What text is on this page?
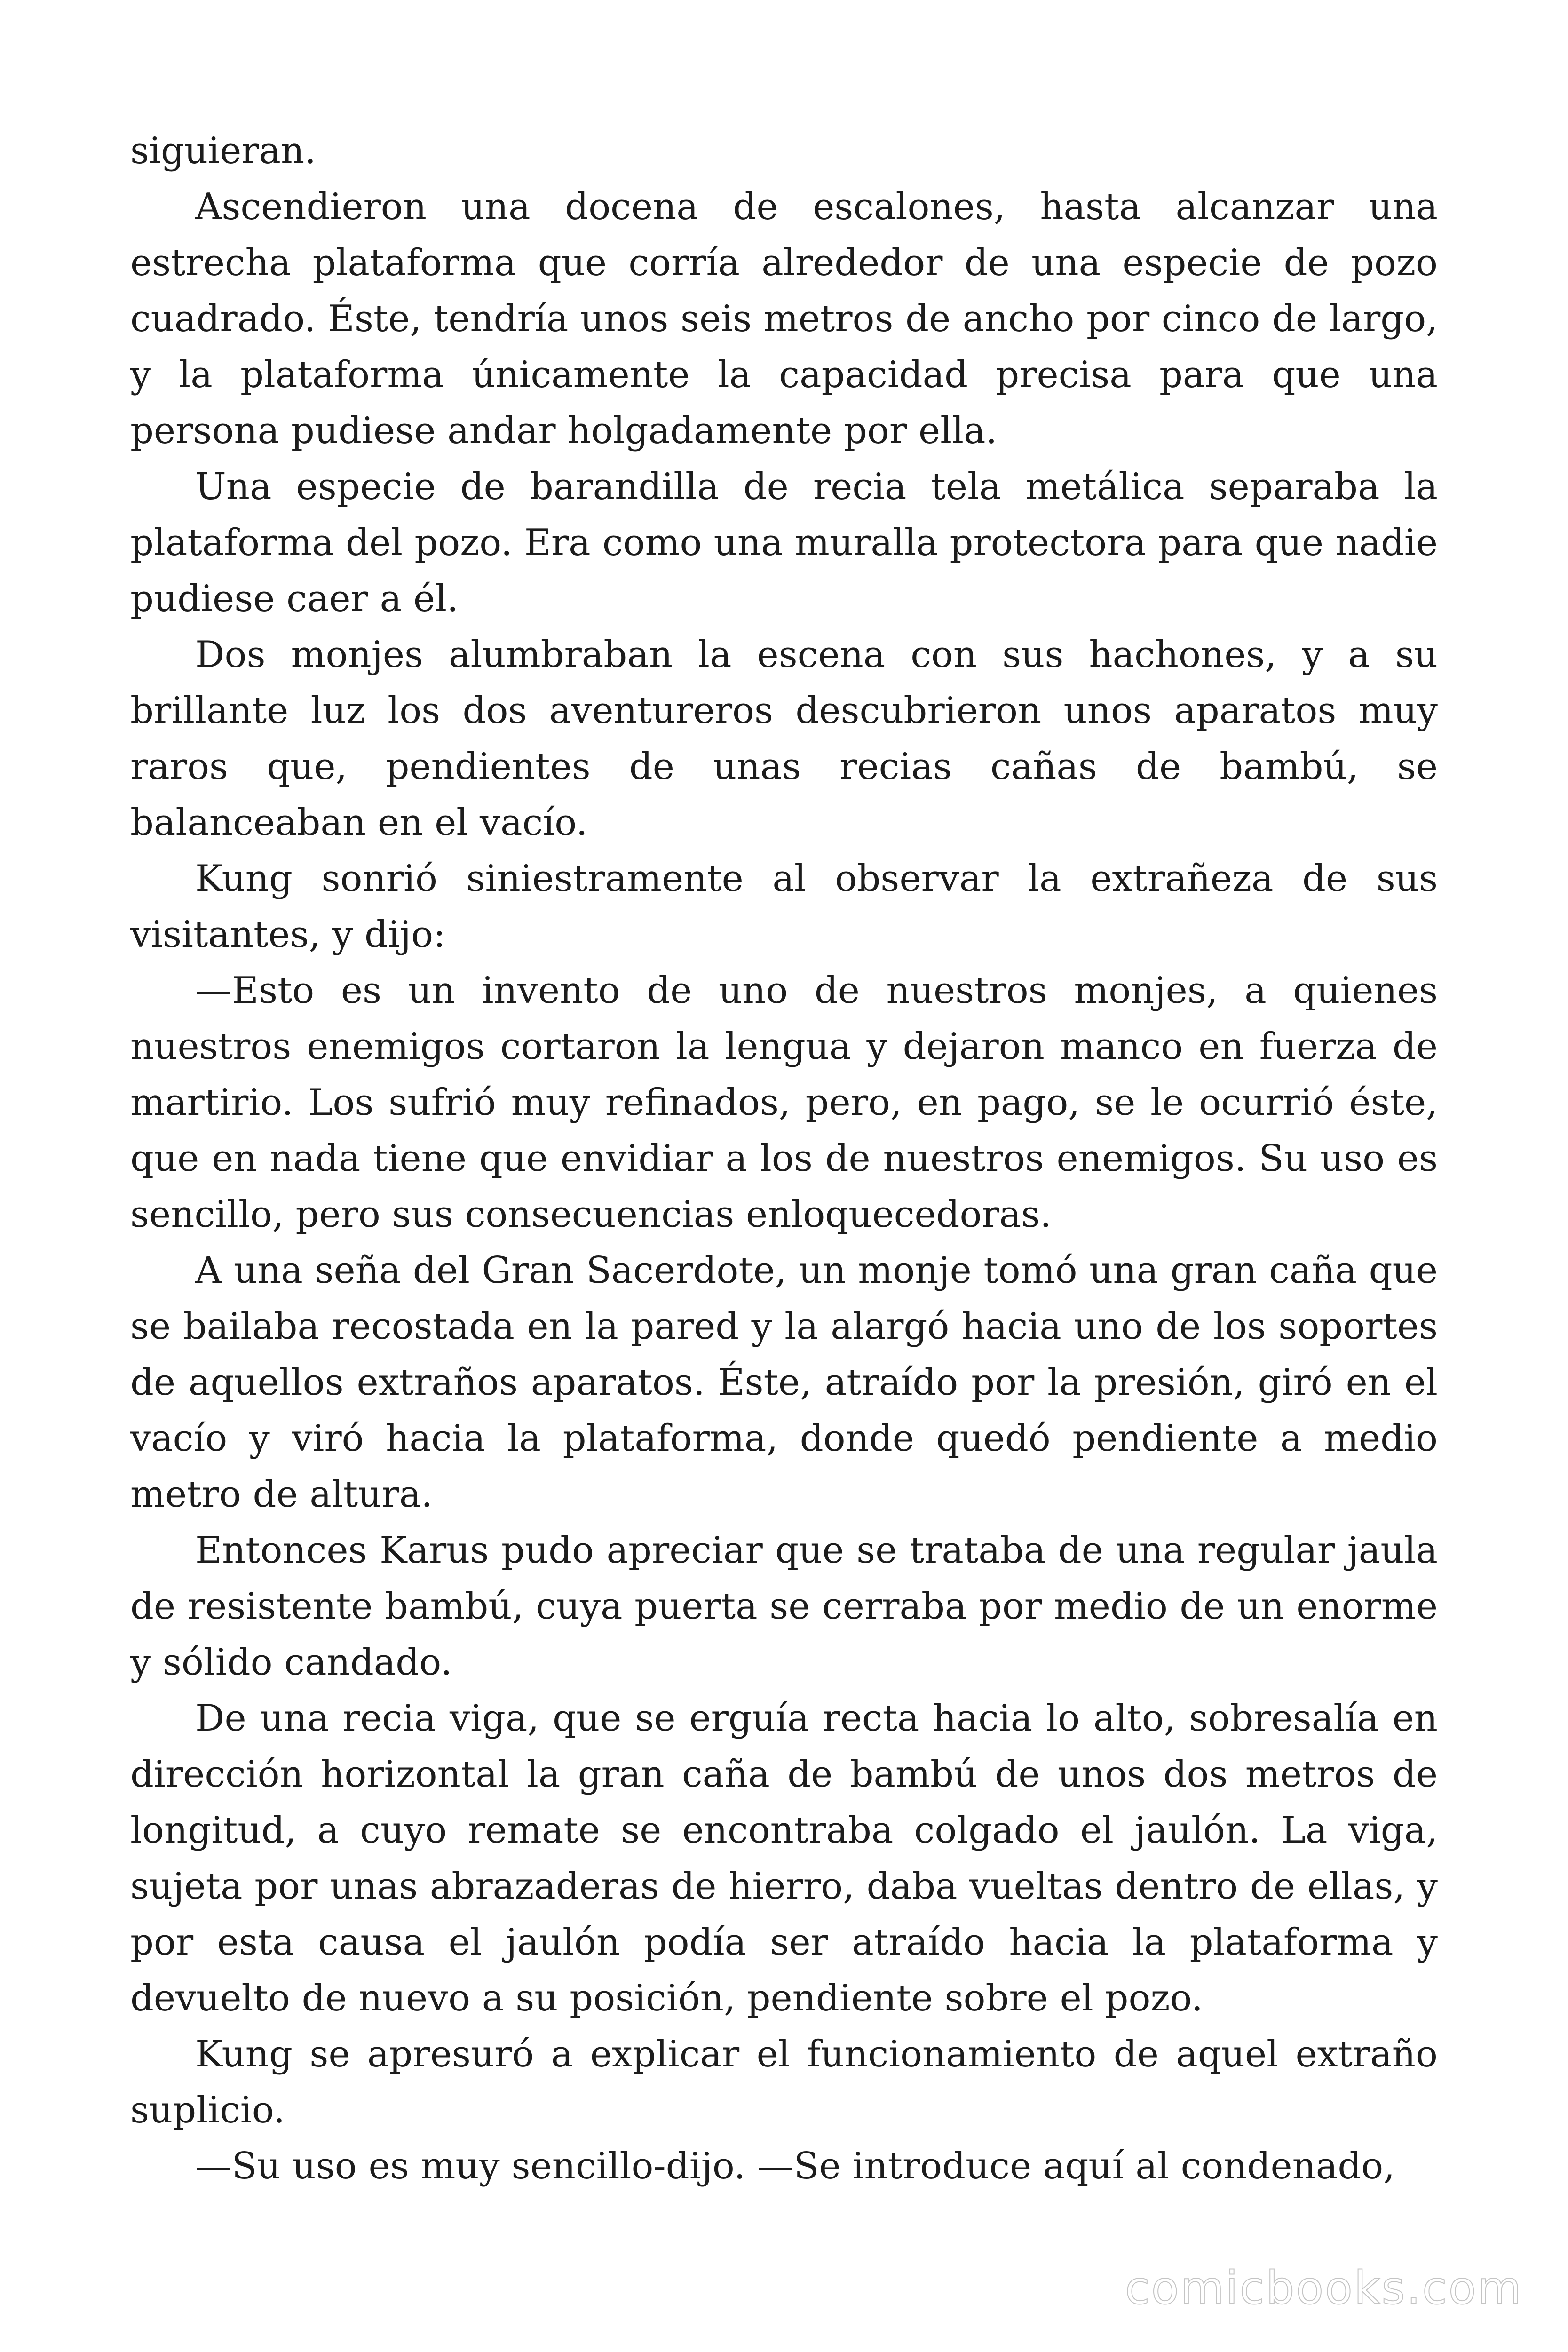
siguieran.

Ascendieron una docena de escalones, hasta alcanzar una estrecha plataforma que corría alrededor de una especie de pozo cuadrado. Éste, tendría unos seis metros de ancho por cinco de largo, y la plataforma únicamente la capacidad precisa para que una persona pudiese andar holgadamente por ella.

Una especie de barandilla de recia tela metálica separaba la plataforma del pozo. Era como una muralla protectora para que nadie pudiese caer a él.

Dos monjes alumbraban la escena con sus hachones, y a su brillante luz los dos aventureros descubrieron unos aparatos muy raros que, pendientes de unas recias cañas de bambú, se balanceaban en el vacío.

Kung sonrió siniestramente al observar la extrañeza de sus visitantes, y dijo:

—Esto es un invento de uno de nuestros monjes, a quienes nuestros enemigos cortaron la lengua y dejaron manco en fuerza de martirio. Los sufrió muy refinados, pero, en pago, se le ocurrió éste, que en nada tiene que envidiar a los de nuestros enemigos. Su uso es sencillo, pero sus consecuencias enloquecedoras.

A una seña del Gran Sacerdote, un monje tomó una gran caña que se bailaba recostada en la pared y la alargó hacia uno de los soportes de aquellos extraños aparatos. Éste, atraído por la presión, giró en el vacío y viró hacia la plataforma, donde quedó pendiente a medio metro de altura.

Entonces Karus pudo apreciar que se trataba de una regular jaula de resistente bambú, cuya puerta se cerraba por medio de un enorme y sólido candado.

De una recia viga, que se erguía recta hacia lo alto, sobresalía en dirección horizontal la gran caña de bambú de unos dos metros de longitud, a cuyo remate se encontraba colgado el jaulón. La viga, sujeta por unas abrazaderas de hierro, daba vueltas dentro de ellas, y por esta causa el jaulón podía ser atraído hacia la plataforma y devuelto de nuevo a su posición, pendiente sobre el pozo.

Kung se apresuró a explicar el funcionamiento de aquel extraño suplicio.

—Su uso es muy sencillo-dijo. —Se introduce aquí al condenado,

comicbooks.com
